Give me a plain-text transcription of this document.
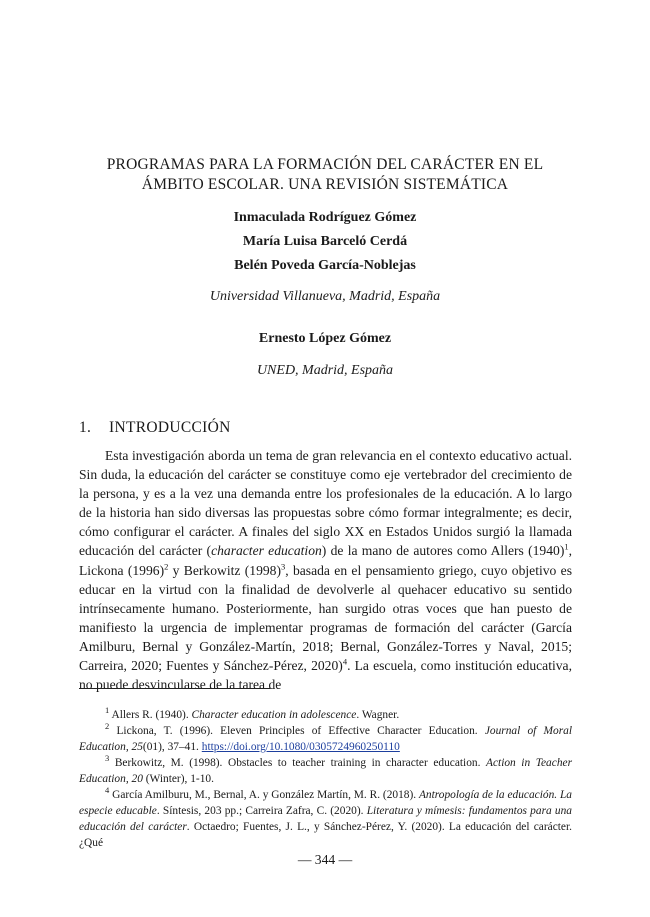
PROGRAMAS PARA LA FORMACIÓN DEL CARÁCTER EN EL
ÁMBITO ESCOLAR. UNA REVISIÓN SISTEMÁTICA
Inmaculada Rodríguez Gómez
María Luisa Barceló Cerdá
Belén Poveda García-Noblejas
Universidad Villanueva, Madrid, España
Ernesto López Gómez
UNED, Madrid, España
1. INTRODUCCIÓN

Esta investigación aborda un tema de gran relevancia en el contexto educativo actual. Sin duda, la educación del carácter se constituye como eje vertebrador del crecimiento de la persona, y es a la vez una demanda entre los profesionales de la educación. A lo largo de la historia han sido diversas las propuestas sobre cómo formar integralmente; es decir, cómo configurar el carácter. A finales del siglo XX en Estados Unidos surgió la llamada educación del carácter (character education) de la mano de autores como Allers $(1940)^1$, Lickona $(1996)^2$ y Berkowitz $(1998)^3$, basada en el pensamiento griego, cuyo objetivo es educar en la virtud con la finalidad de devolverle al quehacer educativo su sentido intrínsecamente humano. Posteriormente, han surgido otras voces que han puesto de manifiesto la urgencia de implementar programas de formación del carácter (García Amilburu, Bernal y González-Martín, 2018; Bernal, González-Torres y Naval, 2015; Carreira, 2020; Fuentes y Sánchez-Pérez, 2020)$^4$. La escuela, como institución educativa, no puede desvincularse de la tarea de

$^1$ Allers R. (1940). Character education in adolescence. Wagner.

$^2$ Lickona, T. (1996). Eleven Principles of Effective Character Education. Journal of Moral Education, 25(01), 37–41. https://doi.org/10.1080/0305724960250110

$^3$ Berkowitz, M. (1998). Obstacles to teacher training in character education. Action in Teacher Education, 20 (Winter), 1-10.

$^4$ García Amilburu, M., Bernal, A. y González Martín, M. R. (2018). Antropología de la educación. La especie educable. Síntesis, 203 pp.; Carreira Zafra, C. (2020). Literatura y mímesis: fundamentos para una educación del carácter. Octaedro; Fuentes, J. L., y Sánchez-Pérez, Y. (2020). La educación del carácter. ¿Qué

— 344 —
